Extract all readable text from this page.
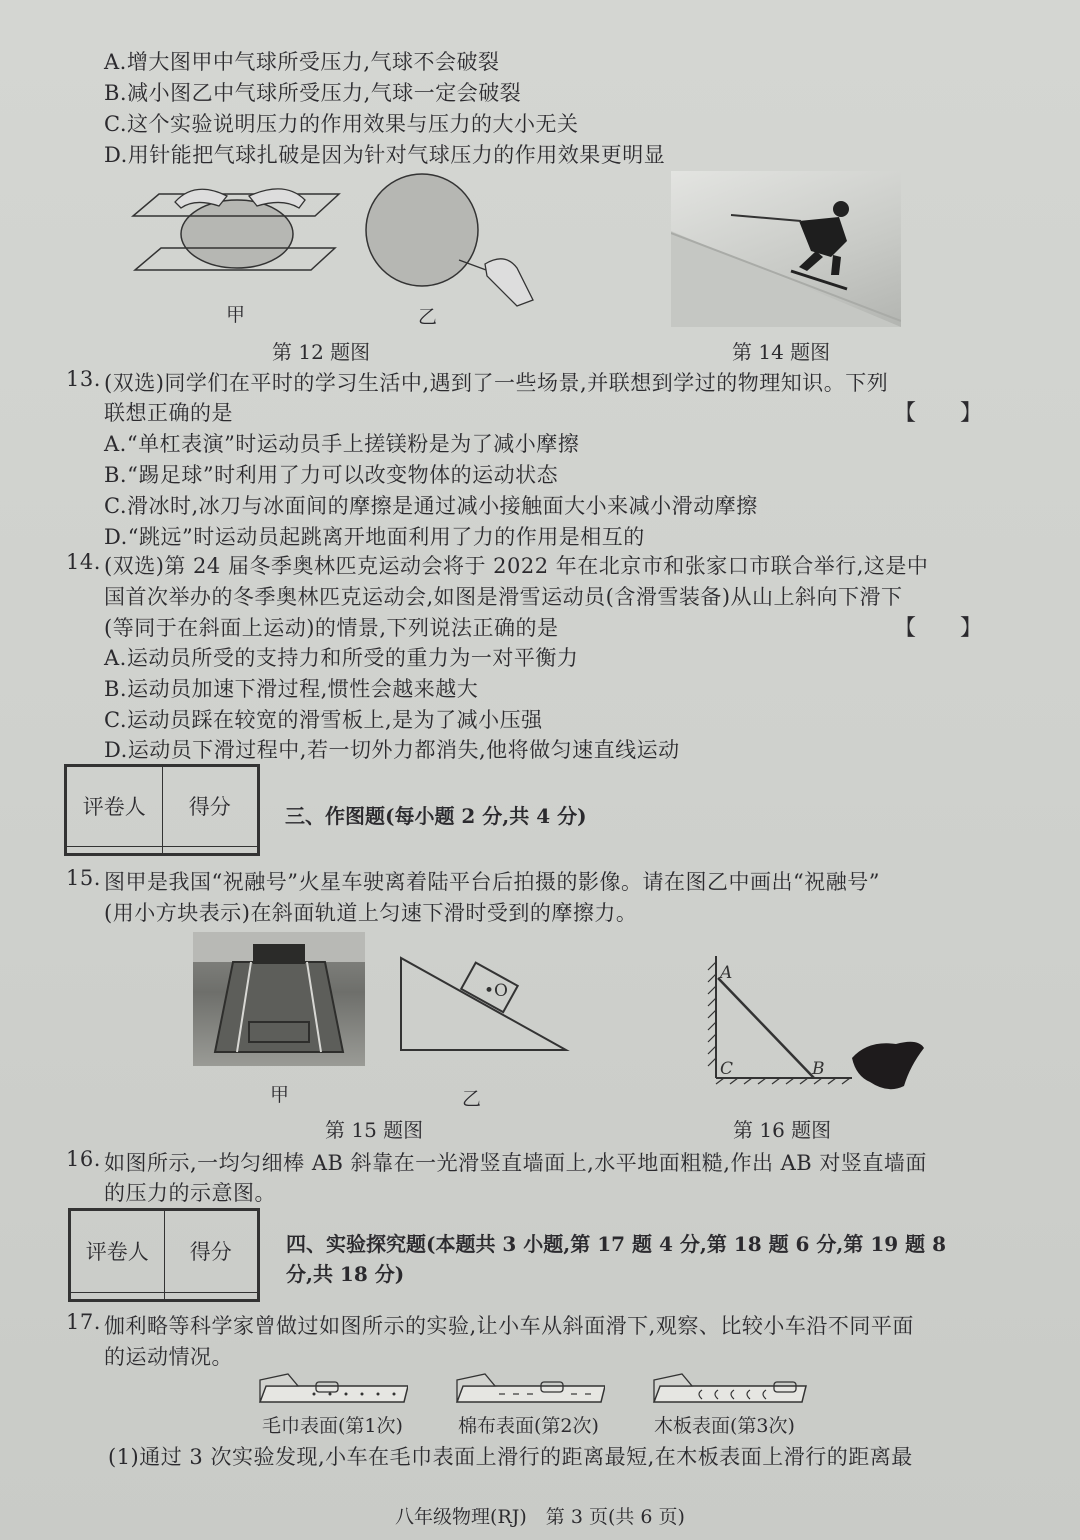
A.增大图甲中气球所受压力,气球不会破裂
B.减小图乙中气球所受压力,气球一定会破裂
C.这个实验说明压力的作用效果与压力的大小无关
D.用针能把气球扎破是因为针对气球压力的作用效果更明显
甲	乙
第 12 题图	第 14 题图
13. (双选)同学们在平时的学习生活中,遇到了一些场景,并联想到学过的物理知识。下列
联想正确的是	【　　】
A.“单杠表演”时运动员手上搓镁粉是为了减小摩擦
B.“踢足球”时利用了力可以改变物体的运动状态
C.滑冰时,冰刀与冰面间的摩擦是通过减小接触面大小来减小滑动摩擦
D.“跳远”时运动员起跳离开地面利用了力的作用是相互的
14. (双选)第 24 届冬季奥林匹克运动会将于 2022 年在北京市和张家口市联合举行,这是中
国首次举办的冬季奥林匹克运动会,如图是滑雪运动员(含滑雪装备)从山上斜向下滑下
(等同于在斜面上运动)的情景,下列说法正确的是	【　　】
A.运动员所受的支持力和所受的重力为一对平衡力
B.运动员加速下滑过程,惯性会越来越大
C.运动员踩在较宽的滑雪板上,是为了减小压强
D.运动员下滑过程中,若一切外力都消失,他将做匀速直线运动
评卷人	得分
		三、作图题(每小题 2 分,共 4 分)
15. 图甲是我国“祝融号”火星车驶离着陆平台后拍摄的影像。请在图乙中画出“祝融号”
(用小方块表示)在斜面轨道上匀速下滑时受到的摩擦力。
甲
•O
乙
第 15 题图
A
C	B
第 16 题图
16. 如图所示,一均匀细棒 AB 斜靠在一光滑竖直墙面上,水平地面粗糙,作出 AB 对竖直墙面
的压力的示意图。
评卷人	得分
		四、实验探究题(本题共 3 小题,第 17 题 4 分,第 18 题 6 分,第 19 题 8
分,共 18 分)
17. 伽利略等科学家曾做过如图所示的实验,让小车从斜面滑下,观察、比较小车沿不同平面
的运动情况。
毛巾表面(第1次)	棉布表面(第2次)	木板表面(第3次)
(1)通过 3 次实验发现,小车在毛巾表面上滑行的距离最短,在木板表面上滑行的距离最
八年级物理(RJ)　第 3 页(共 6 页)
